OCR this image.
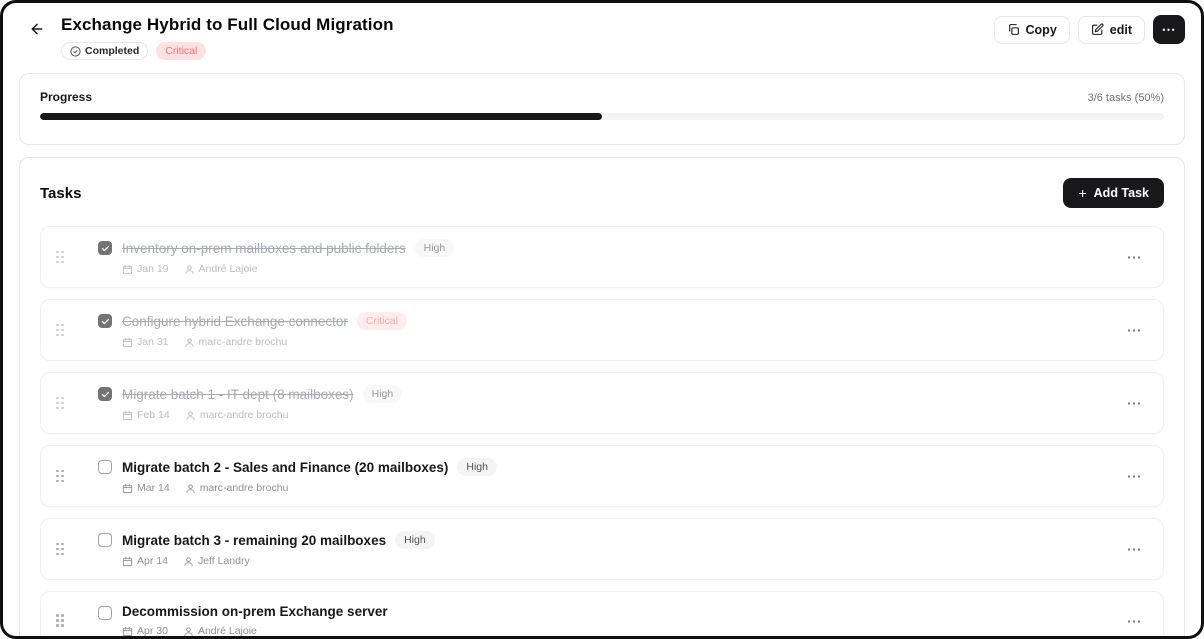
Exchange Hybrid to Full Cloud Migration
Completed	Critical
Copy	edit	⋯
Progress	3/6 tasks (50%)
Tasks	+ Add Task
Inventory on-prem mailboxes and public folders	High
Jan 19	André Lajoie
⋯
Configure hybrid Exchange connector	Critical
Jan 31	marc-andre brochu
⋯
Migrate batch 1 - IT dept (8 mailboxes)	High
Feb 14	marc-andre brochu
⋯
Migrate batch 2 - Sales and Finance (20 mailboxes)	High
Mar 14	marc-andre brochu
⋯
Migrate batch 3 - remaining 20 mailboxes	High
Apr 14	Jeff Landry
⋯
Decommission on-prem Exchange server
Apr 30	André Lajoie
⋯
